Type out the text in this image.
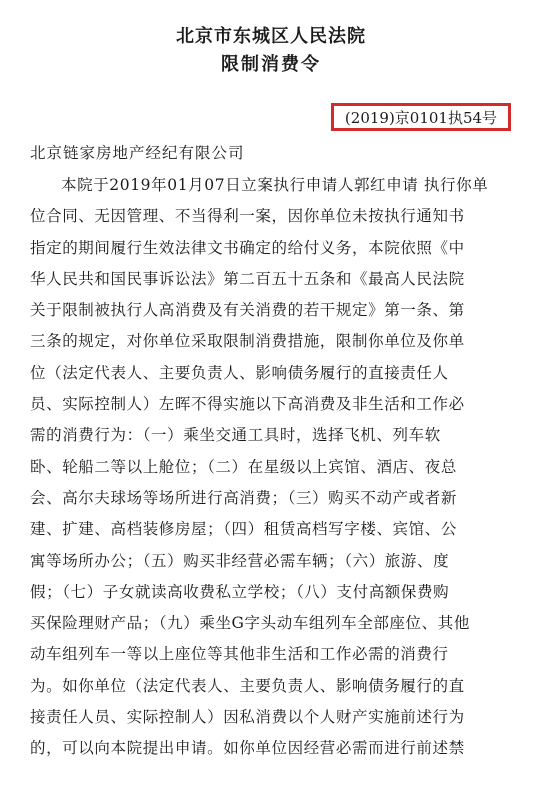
北京市东城区人民法院
限制消费令
(2019)京0101执54号
北京链家房地产经纪有限公司
本院于2019年01月07日立案执行申请人郭红申请 执行你单
位合同、无因管理、不当得利一案，因你单位未按执行通知书
指定的期间履行生效法律文书确定的给付义务，本院依照《中
华人民共和国民事诉讼法》第二百五十五条和《最高人民法院
关于限制被执行人高消费及有关消费的若干规定》第一条、第
三条的规定，对你单位采取限制消费措施，限制你单位及你单
位（法定代表人、主要负责人、影响债务履行的直接责任人
员、实际控制人）左晖不得实施以下高消费及非生活和工作必
需的消费行为：（一）乘坐交通工具时，选择飞机、列车软
卧、轮船二等以上舱位；（二）在星级以上宾馆、酒店、夜总
会、高尔夫球场等场所进行高消费；（三）购买不动产或者新
建、扩建、高档装修房屋；（四）租赁高档写字楼、宾馆、公
寓等场所办公；（五）购买非经营必需车辆；（六）旅游、度
假；（七）子女就读高收费私立学校；（八）支付高额保费购
买保险理财产品；（九）乘坐G字头动车组列车全部座位、其他
动车组列车一等以上座位等其他非生活和工作必需的消费行
为。如你单位（法定代表人、主要负责人、影响债务履行的直
接责任人员、实际控制人）因私消费以个人财产实施前述行为
的，可以向本院提出申请。如你单位因经营必需而进行前述禁
